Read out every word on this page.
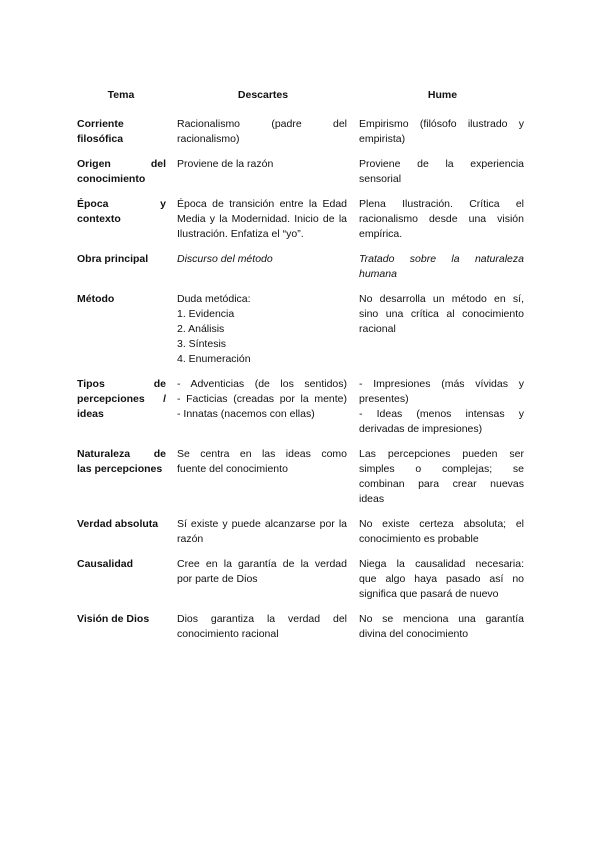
Tema	Descartes	Hume

Corriente
filosófica	Racionalismo (padre del
racionalismo)	Empirismo (filósofo ilustrado y
empirista)

Origen del
conocimiento	Proviene de la razón	Proviene de la experiencia
sensorial

Época y
contexto	Época de transición entre la Edad
Media y la Modernidad. Inicio de la
Ilustración. Enfatiza el “yo”.	Plena Ilustración. Crítica el
racionalismo desde una visión
empírica.

Obra principal	Discurso del método	Tratado sobre la naturaleza
humana

Método	Duda metódica:
1. Evidencia
2. Análisis
3. Síntesis
4. Enumeración	No desarrolla un método en sí,
sino una crítica al conocimiento
racional

Tipos de
percepciones /
ideas	- Adventicias (de los sentidos)
- Facticias (creadas por la mente)
- Innatas (nacemos con ellas)	- Impresiones (más vívidas y
presentes)
- Ideas (menos intensas y
derivadas de impresiones)

Naturaleza de
las percepciones	Se centra en las ideas como
fuente del conocimiento	Las percepciones pueden ser
simples o complejas; se
combinan para crear nuevas
ideas

Verdad absoluta	Sí existe y puede alcanzarse por la
razón	No existe certeza absoluta; el
conocimiento es probable

Causalidad	Cree en la garantía de la verdad
por parte de Dios	Niega la causalidad necesaria:
que algo haya pasado así no
significa que pasará de nuevo

Visión de Dios	Dios garantiza la verdad del
conocimiento racional	No se menciona una garantía
divina del conocimiento
